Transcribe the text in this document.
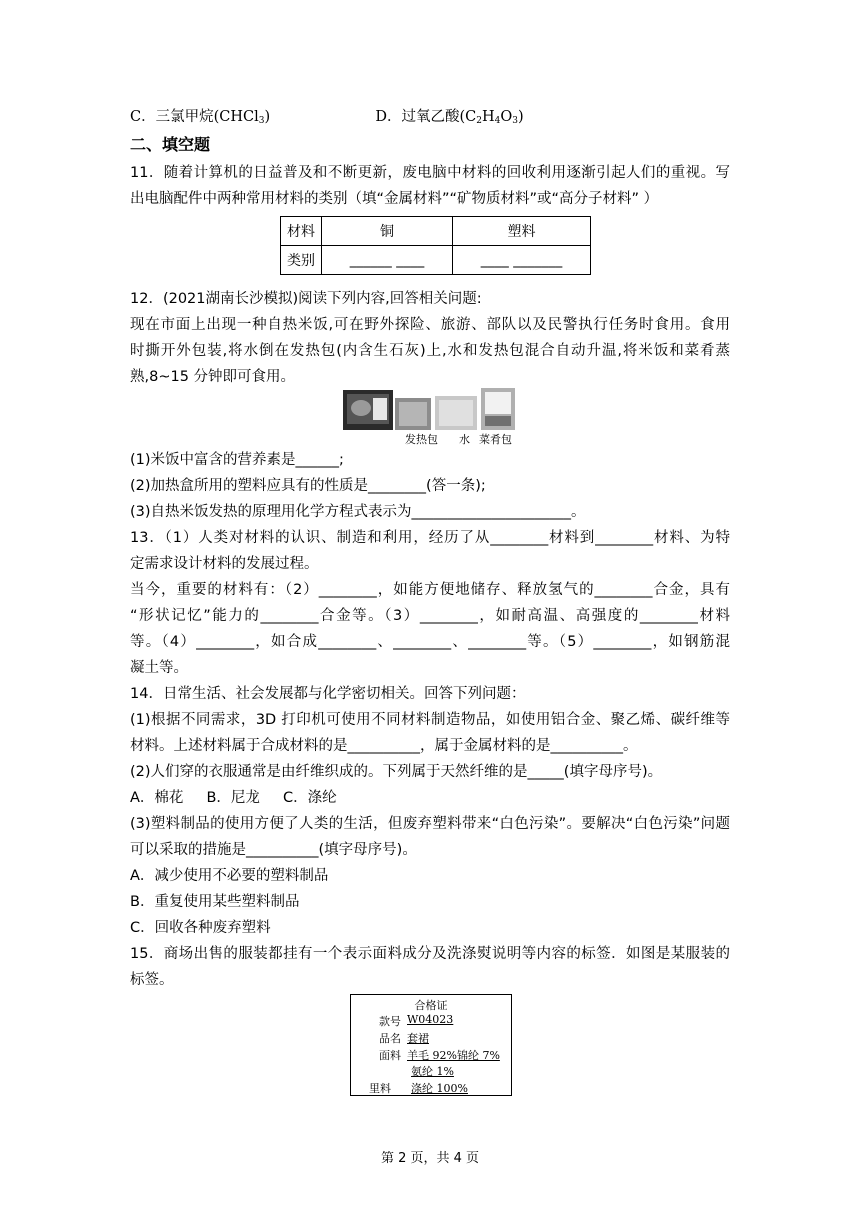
C．三氯甲烷(CHCl$_3$)	D．过氧乙酸$(C_2H_4O_3)$
二、填空题
11．随着计算机的日益普及和不断更新，废电脑中材料的回收利用逐渐引起人们的重视。写
出电脑配件中两种常用材料的类别（填“金属材料”“矿物质材料”或“高分子材料” ）
材料	铜	塑料
类别	______ ____	____ _______
12．(2021湖南长沙模拟)阅读下列内容,回答相关问题:
现在市面上出现一种自热米饭,可在野外探险、旅游、部队以及民警执行任务时食用。食用
时撕开外包装,将水倒在发热包(内含生石灰)上,水和发热包混合自动升温,将米饭和菜肴蒸
熟,8~15 分钟即可食用。
发热包 水 菜肴包
(1)米饭中富含的营养素是______;
(2)加热盒所用的塑料应具有的性质是________(答一条);
(3)自热米饭发热的原理用化学方程式表示为______________________。
13．（1）人类对材料的认识、制造和利用，经历了从________材料到________材料、为特
定需求设计材料的发展过程。
当今，重要的材料有：（2）________，如能方便地储存、释放氢气的________合金，具有
“形状记忆”能力的________合金等。（3）________，如耐高温、高强度的________材料
等。（4）________，如合成________、________、________等。（5）________，如钢筋混
凝土等。
14．日常生活、社会发展都与化学密切相关。回答下列问题：
(1)根据不同需求，3D 打印机可使用不同材料制造物品，如使用铝合金、聚乙烯、碳纤维等
材料。上述材料属于合成材料的是__________，属于金属材料的是__________。
(2)人们穿的衣服通常是由纤维织成的。下列属于天然纤维的是_____(填字母序号)。
A．棉花     B．尼龙     C．涤纶
(3)塑料制品的使用方便了人类的生活，但废弃塑料带来“白色污染”。要解决“白色污染”问题
可以采取的措施是__________(填字母序号)。
A．减少使用不必要的塑料制品
B．重复使用某些塑料制品
C．回收各种废弃塑料
15．商场出售的服装都挂有一个表示面料成分及洗涤熨说明等内容的标签．如图是某服装的
标签。
合格证
款号 W04023
品名 套裙
面料 羊毛 92%锦纶 7%
氨纶 1%
里料 涤纶 100%
第 2 页，共 4 页
